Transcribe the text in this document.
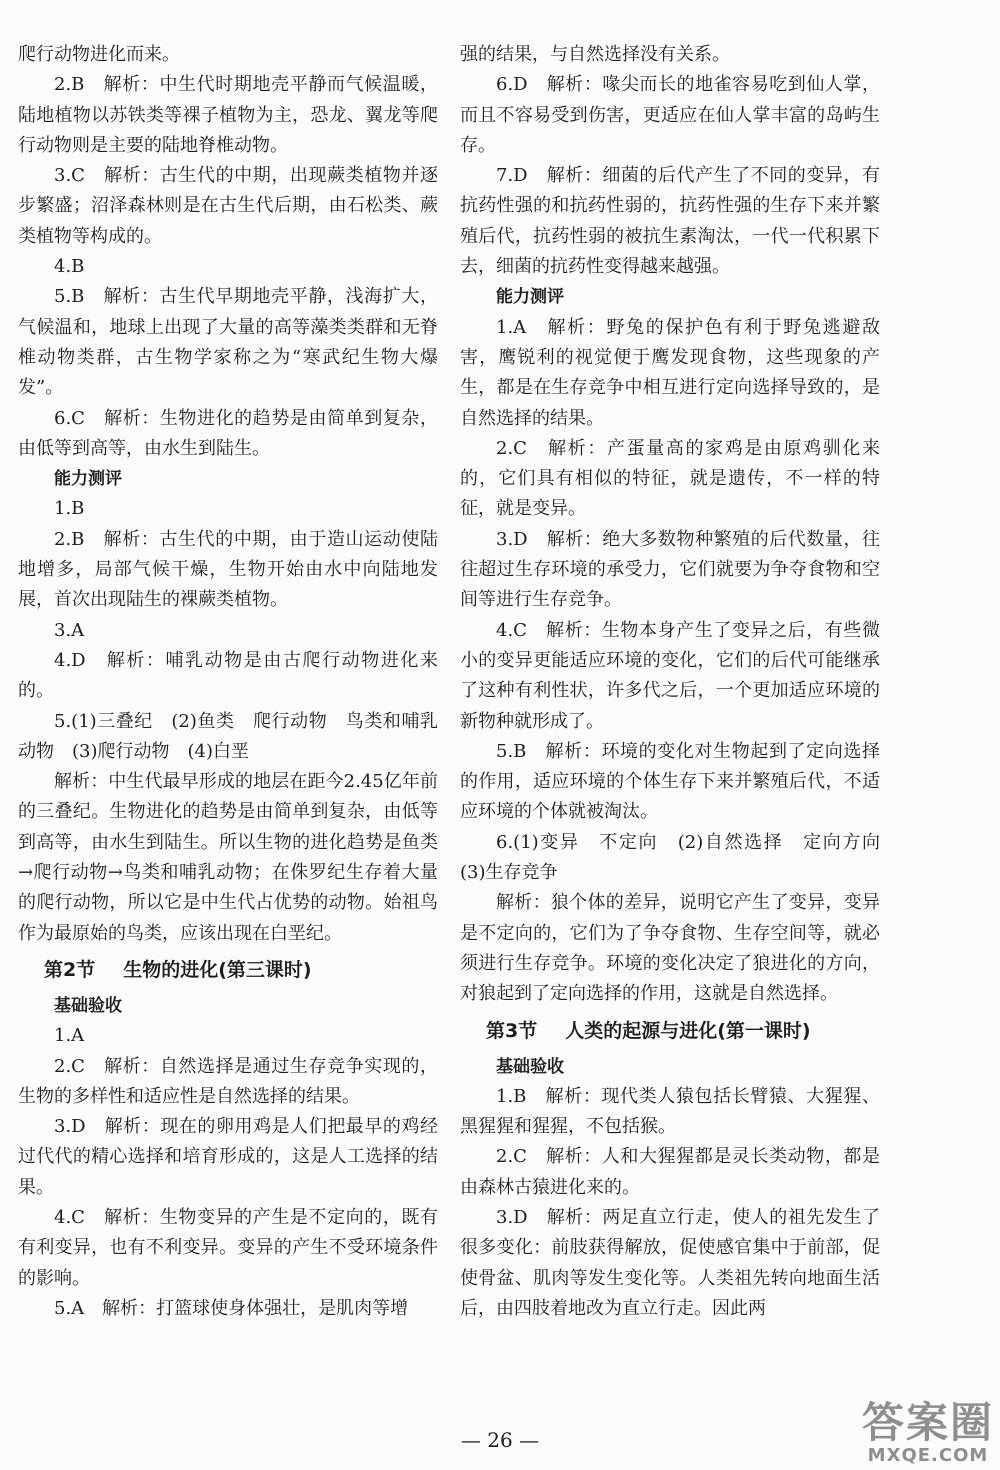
爬行动物进化而来。

2.B　解析：中生代时期地壳平静而气候温暖，陆地植物以苏铁类等裸子植物为主，恐龙、翼龙等爬行动物则是主要的陆地脊椎动物。

3.C　解析：古生代的中期，出现蕨类植物并逐步繁盛；沼泽森林则是在古生代后期，由石松类、蕨类植物等构成的。

4.B

5.B　解析：古生代早期地壳平静，浅海扩大，气候温和，地球上出现了大量的高等藻类类群和无脊椎动物类群，古生物学家称之为“寒武纪生物大爆发”。

6.C　解析：生物进化的趋势是由简单到复杂，由低等到高等，由水生到陆生。

能力测评

1.B

2.B　解析：古生代的中期，由于造山运动使陆地增多，局部气候干燥，生物开始由水中向陆地发展，首次出现陆生的裸蕨类植物。

3.A

4.D　解析：哺乳动物是由古爬行动物进化来的。

5.(1)三叠纪　(2)鱼类　爬行动物　鸟类和哺乳动物　(3)爬行动物　(4)白垩

解析：中生代最早形成的地层在距今2.45亿年前的三叠纪。生物进化的趋势是由简单到复杂，由低等到高等，由水生到陆生。所以生物的进化趋势是鱼类→爬行动物→鸟类和哺乳动物；在侏罗纪生存着大量的爬行动物，所以它是中生代占优势的动物。始祖鸟作为最原始的鸟类，应该出现在白垩纪。

第2节 生物的进化(第三课时)
基础验收

1.A

2.C　解析：自然选择是通过生存竞争实现的，生物的多样性和适应性是自然选择的结果。

3.D　解析：现在的卵用鸡是人们把最早的鸡经过代代的精心选择和培育形成的，这是人工选择的结果。

4.C　解析：生物变异的产生是不定向的，既有有利变异，也有不利变异。变异的产生不受环境条件的影响。

5.A　解析：打篮球使身体强壮，是肌肉等增

强的结果，与自然选择没有关系。

6.D　解析：喙尖而长的地雀容易吃到仙人掌，而且不容易受到伤害，更适应在仙人掌丰富的岛屿生存。

7.D　解析：细菌的后代产生了不同的变异，有抗药性强的和抗药性弱的，抗药性强的生存下来并繁殖后代，抗药性弱的被抗生素淘汰，一代一代积累下去，细菌的抗药性变得越来越强。

能力测评

1.A　解析：野兔的保护色有利于野兔逃避敌害，鹰锐利的视觉便于鹰发现食物，这些现象的产生，都是在生存竞争中相互进行定向选择导致的，是自然选择的结果。

2.C　解析：产蛋量高的家鸡是由原鸡驯化来的，它们具有相似的特征，就是遗传，不一样的特征，就是变异。

3.D　解析：绝大多数物种繁殖的后代数量，往往超过生存环境的承受力，它们就要为争夺食物和空间等进行生存竞争。

4.C　解析：生物本身产生了变异之后，有些微小的变异更能适应环境的变化，它们的后代可能继承了这种有利性状，许多代之后，一个更加适应环境的新物种就形成了。

5.B　解析：环境的变化对生物起到了定向选择的作用，适应环境的个体生存下来并繁殖后代，不适应环境的个体就被淘汰。

6.(1)变异　不定向　(2)自然选择　定向方向　(3)生存竞争

解析：狼个体的差异，说明它产生了变异，变异是不定向的，它们为了争夺食物、生存空间等，就必须进行生存竞争。环境的变化决定了狼进化的方向，对狼起到了定向选择的作用，这就是自然选择。

第3节 人类的起源与进化(第一课时)
基础验收

1.B　解析：现代类人猿包括长臂猿、大猩猩、黑猩猩和猩猩，不包括猴。

2.C　解析：人和大猩猩都是灵长类动物，都是由森林古猿进化来的。

3.D　解析：两足直立行走，使人的祖先发生了很多变化：前肢获得解放，促使感官集中于前部，促使骨盆、肌肉等发生变化等。人类祖先转向地面生活后，由四肢着地改为直立行走。因此两

— 26 —	答案圈
MXQE.COM
